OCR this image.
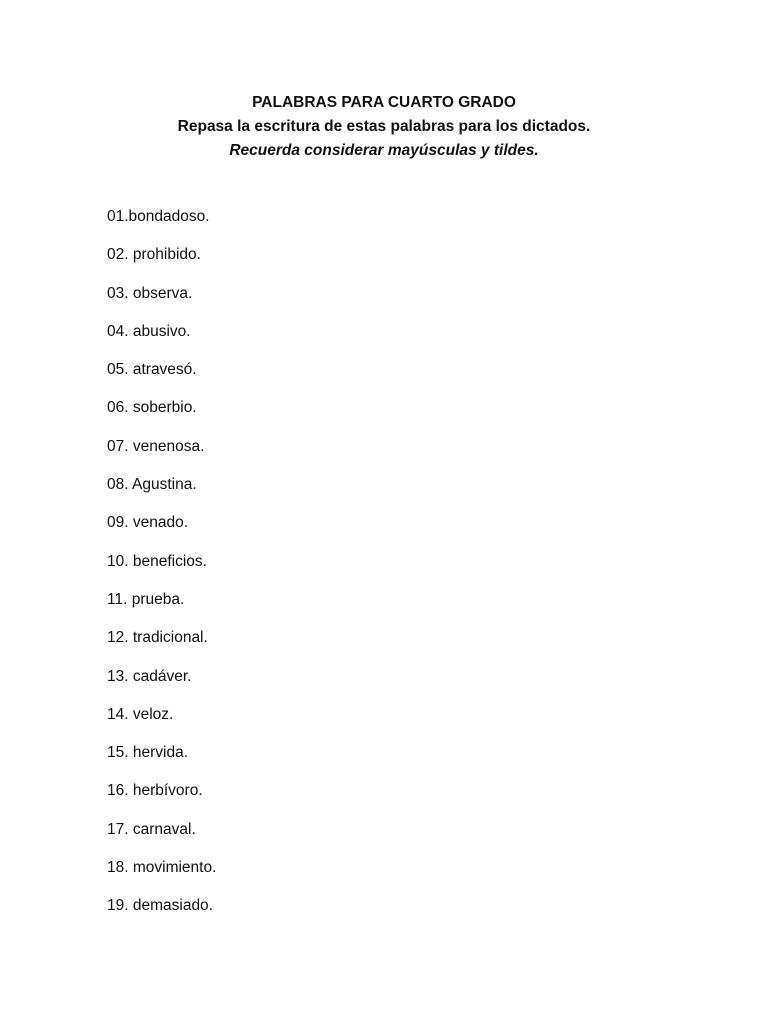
PALABRAS PARA CUARTO GRADO
Repasa la escritura de estas palabras para los dictados.
Recuerda considerar mayúsculas y tildes.
01.bondadoso.
02. prohibido.
03. observa.
04. abusivo.
05. atravesó.
06. soberbio.
07. venenosa.
08. Agustina.
09. venado.
10. beneficios.
11. prueba.
12. tradicional.
13. cadáver.
14. veloz.
15. hervida.
16. herbívoro.
17. carnaval.
18. movimiento.
19. demasiado.
